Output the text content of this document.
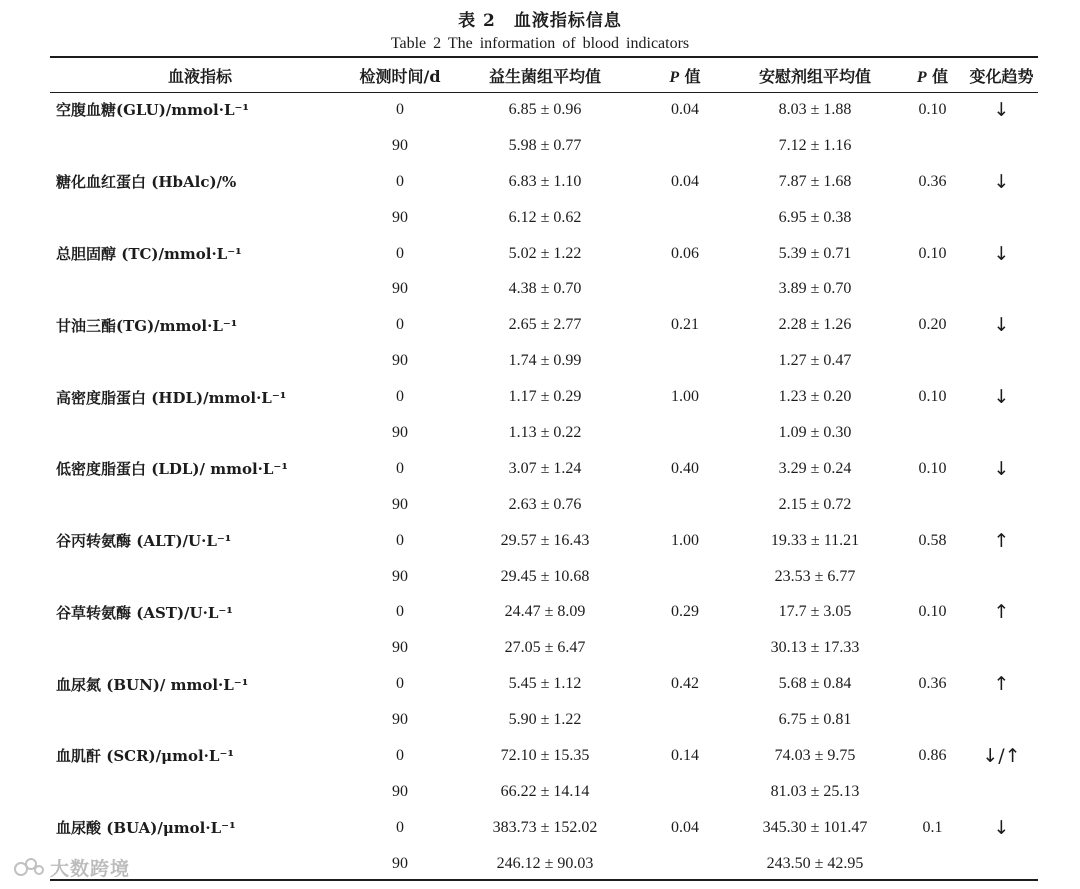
表 2　血液指标信息
Table 2 The information of blood indicators
血液指标	检测时间/d	益生菌组平均值	P 值	安慰剂组平均值	P 值	变化趋势
空腹血糖(GLU)/mmol·L⁻¹	0	6.85 ± 0.96	0.04	8.03 ± 1.88	0.10	↓
	90	5.98 ± 0.77		7.12 ± 1.16		
糖化血红蛋白 (HbAlc)/%	0	6.83 ± 1.10	0.04	7.87 ± 1.68	0.36	↓
	90	6.12 ± 0.62		6.95 ± 0.38		
总胆固醇 (TC)/mmol·L⁻¹	0	5.02 ± 1.22	0.06	5.39 ± 0.71	0.10	↓
	90	4.38 ± 0.70		3.89 ± 0.70		
甘油三酯(TG)/mmol·L⁻¹	0	2.65 ± 2.77	0.21	2.28 ± 1.26	0.20	↓
	90	1.74 ± 0.99		1.27 ± 0.47		
高密度脂蛋白 (HDL)/mmol·L⁻¹	0	1.17 ± 0.29	1.00	1.23 ± 0.20	0.10	↓
	90	1.13 ± 0.22		1.09 ± 0.30		
低密度脂蛋白 (LDL)/ mmol·L⁻¹	0	3.07 ± 1.24	0.40	3.29 ± 0.24	0.10	↓
	90	2.63 ± 0.76		2.15 ± 0.72		
谷丙转氨酶 (ALT)/U·L⁻¹	0	29.57 ± 16.43	1.00	19.33 ± 11.21	0.58	↑
	90	29.45 ± 10.68		23.53 ± 6.77		
谷草转氨酶 (AST)/U·L⁻¹	0	24.47 ± 8.09	0.29	17.7 ± 3.05	0.10	↑
	90	27.05 ± 6.47		30.13 ± 17.33		
血尿氮 (BUN)/ mmol·L⁻¹	0	5.45 ± 1.12	0.42	5.68 ± 0.84	0.36	↑
	90	5.90 ± 1.22		6.75 ± 0.81		
血肌酐 (SCR)/μmol·L⁻¹	0	72.10 ± 15.35	0.14	74.03 ± 9.75	0.86	↓/↑
	90	66.22 ± 14.14		81.03 ± 25.13		
血尿酸 (BUA)/μmol·L⁻¹	0	383.73 ± 152.02	0.04	345.30 ± 101.47	0.1	↓
	90	246.12 ± 90.03		243.50 ± 42.95		
大数跨境
